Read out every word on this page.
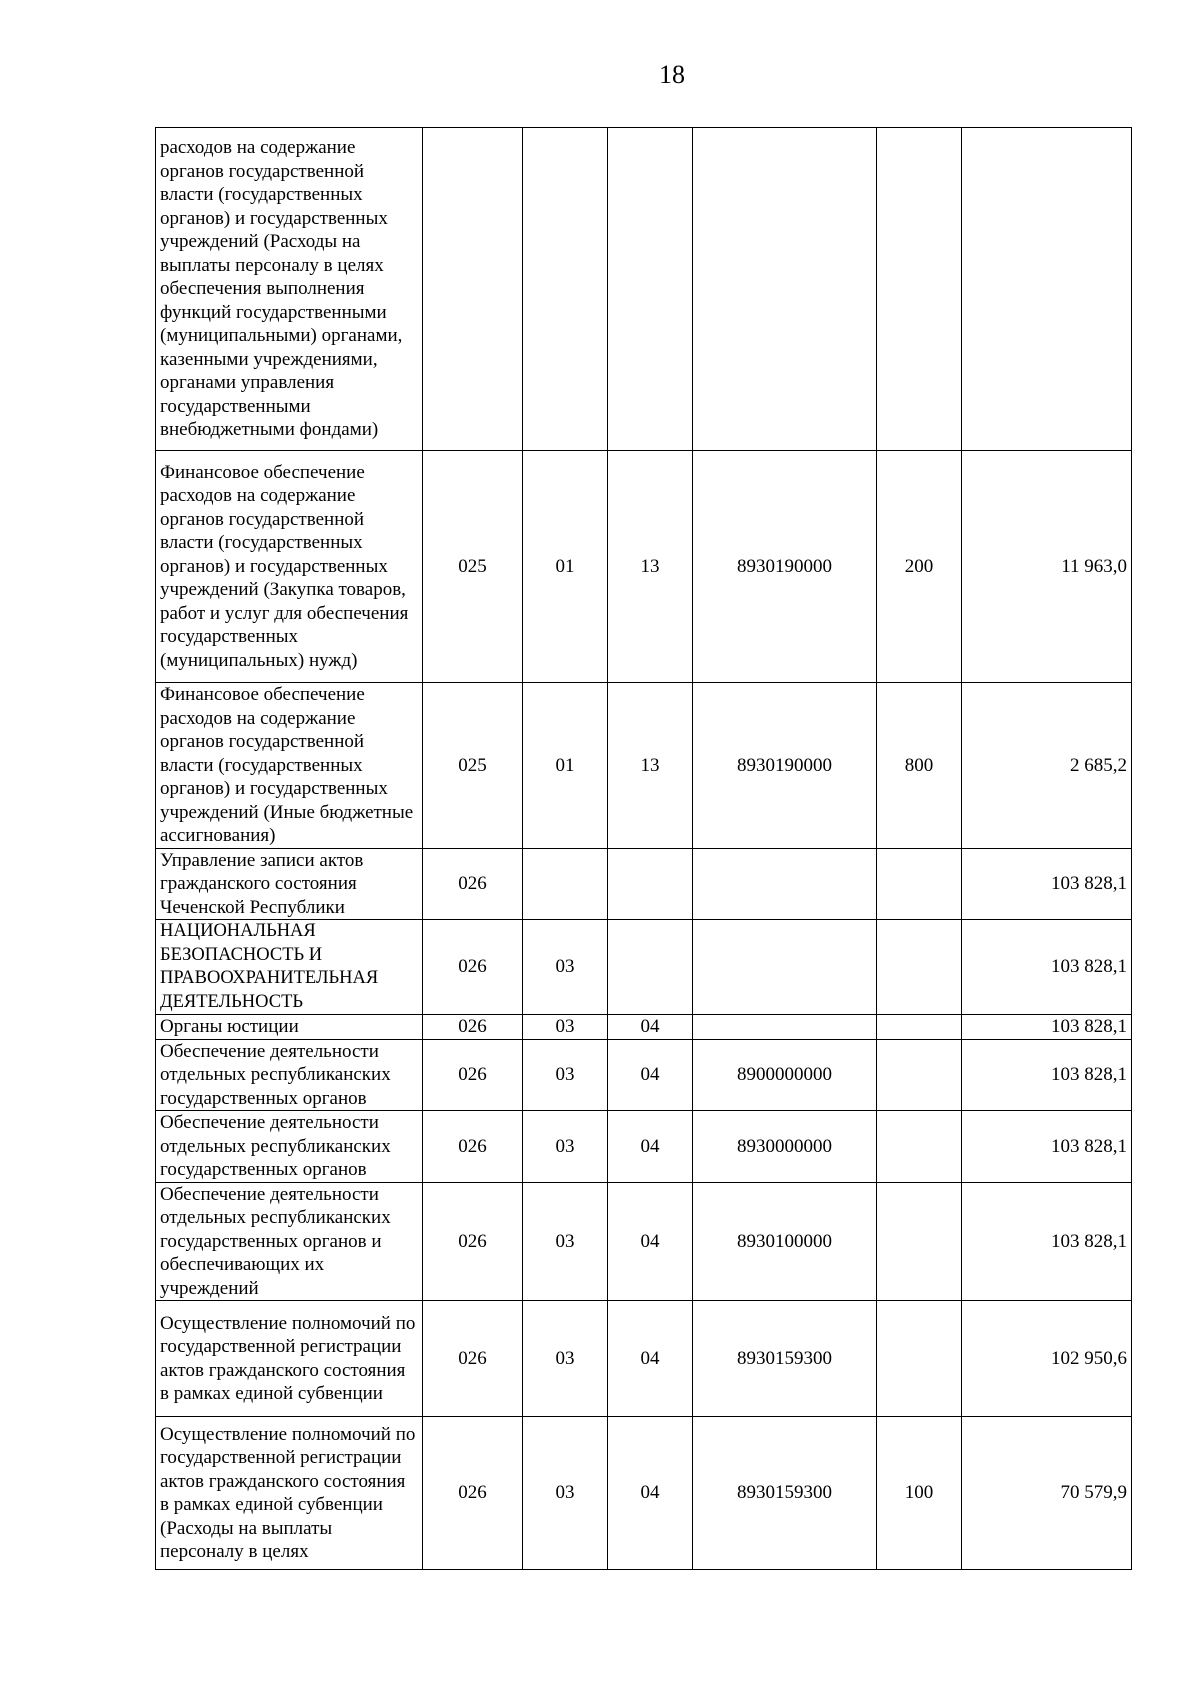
18
расходов на содержание органов государственной власти (государственных органов) и государственных учреждений (Расходы на выплаты персоналу в целях обеспечения выполнения функций государственными (муниципальными) органами, казенными учреждениями, органами управления государственными внебюджетными фондами)						
Финансовое обеспечение расходов на содержание органов государственной власти (государственных органов) и государственных учреждений (Закупка товаров, работ и услуг для обеспечения государственных (муниципальных) нужд)	025	01	13	8930190000	200	11 963,0
Финансовое обеспечение расходов на содержание органов государственной власти (государственных органов) и государственных учреждений (Иные бюджетные ассигнования)	025	01	13	8930190000	800	2 685,2
Управление записи актов гражданского состояния Чеченской Республики	026					103 828,1
НАЦИОНАЛЬНАЯ БЕЗОПАСНОСТЬ И ПРАВООХРАНИТЕЛЬНАЯ ДЕЯТЕЛЬНОСТЬ	026	03				103 828,1
Органы юстиции	026	03	04			103 828,1
Обеспечение деятельности отдельных республиканских государственных органов	026	03	04	8900000000		103 828,1
Обеспечение деятельности отдельных республиканских государственных органов	026	03	04	8930000000		103 828,1
Обеспечение деятельности отдельных республиканских государственных органов и обеспечивающих их учреждений	026	03	04	8930100000		103 828,1
Осуществление полномочий по государственной регистрации актов гражданского состояния в рамках единой субвенции	026	03	04	8930159300		102 950,6
Осуществление полномочий по государственной регистрации актов гражданского состояния в рамках единой субвенции (Расходы на выплаты персоналу в целях	026	03	04	8930159300	100	70 579,9
